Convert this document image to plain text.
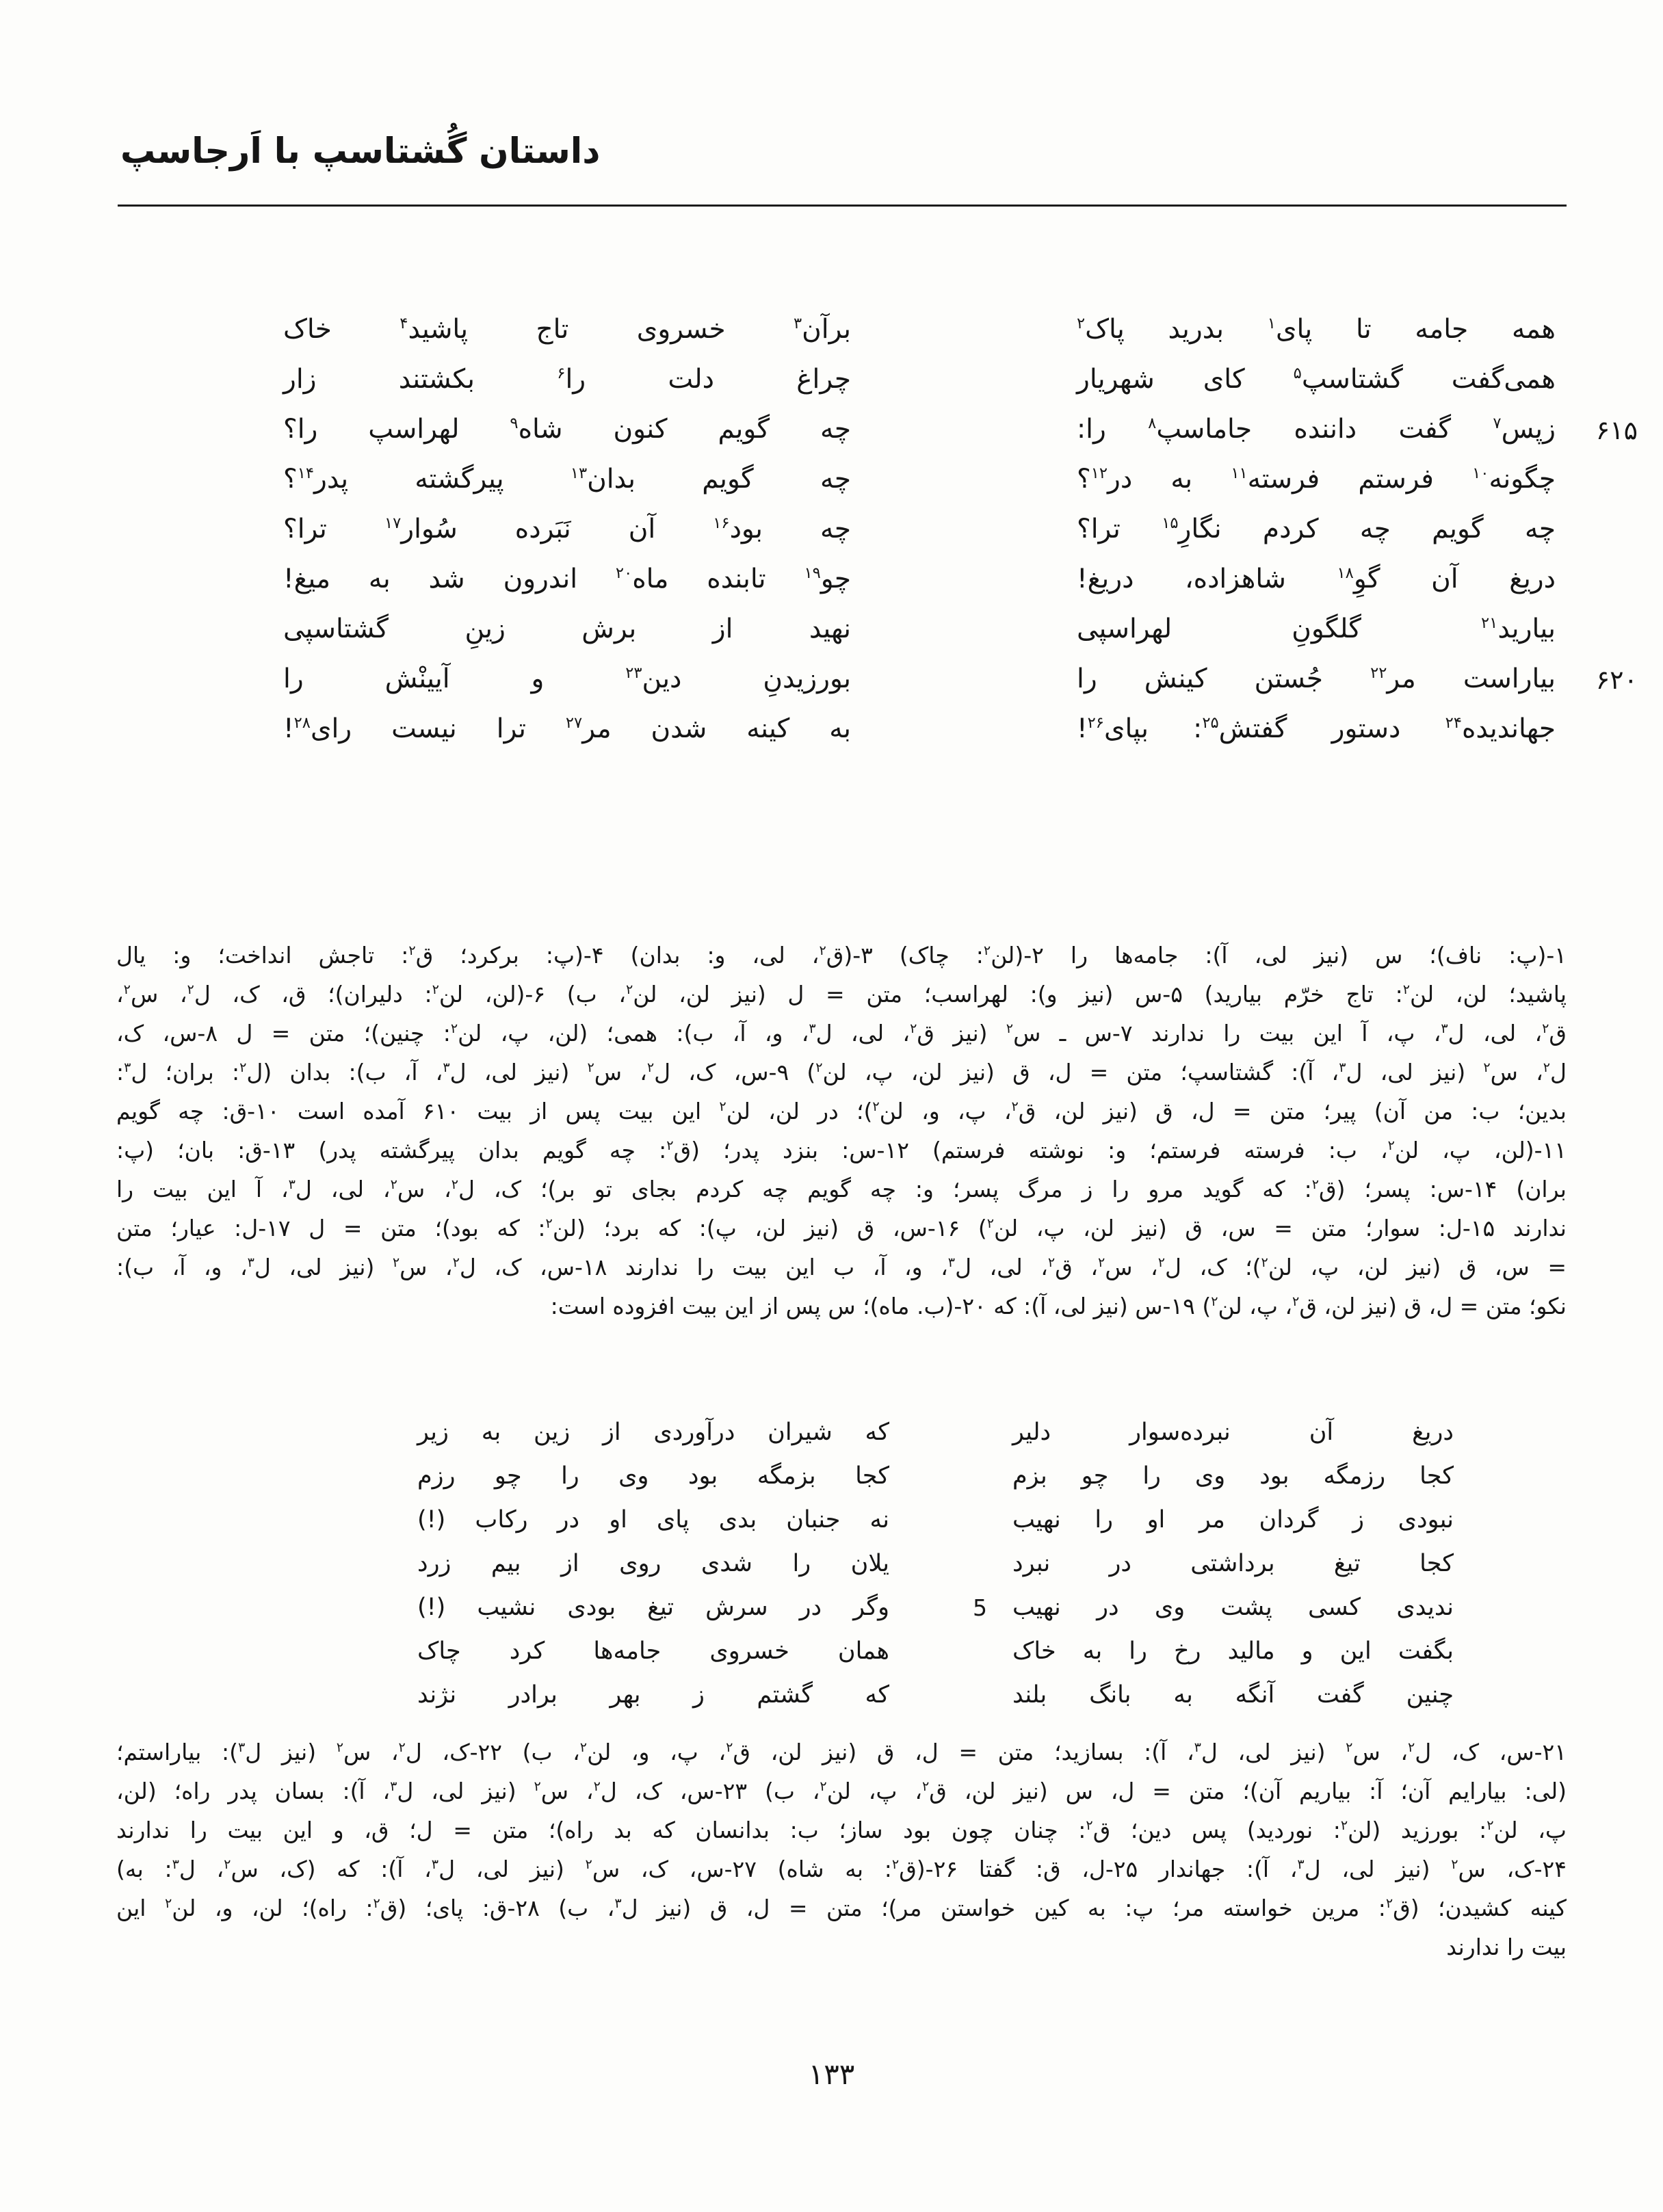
داستان گُشتاسپ با اَرجاسپ
همه جامه تا پای$^۱$ بدرید پاک$^۲$
برآن$^۳$ خسروی تاج پاشید$^۴$ خاک
همی‌گفت گشتاسپ$^۵$ کای شهریار
چراغ دلت را$^۶$ بکشتند زار
۶۱۵
زپس$^۷$ گفت داننده جاماسپ$^۸$ را:
چه گویم کنون شاه$^۹$ لهراسپ را؟
چگونه$^{۱۰}$ فرستم فرسته$^{۱۱}$ به در$^{۱۲}$؟
چه گویم بدان$^{۱۳}$ پیرگشته پدر$^{۱۴}$؟
چه گویم چه کردم نگارِ$^{۱۵}$ ترا؟
چه بود$^{۱۶}$ آن نَبَرده سُوار$^{۱۷}$ ترا؟
دریغ آن گوِ$^{۱۸}$ شاهزاده، دریغ!
چو$^{۱۹}$ تابنده ماه$^{۲۰}$ اندرون شد به میغ!
بیارید$^{۲۱}$ گلگونِ لهراسپی
نهید از برش زینِ گشتاسپی
۶۲۰
بیاراست مر$^{۲۲}$ جُستن کینش را
بورزیدنِ دین$^{۲۳}$ و آیینْش را
جهاندیده$^{۲۴}$ دستور گفتش$^{۲۵}$: بپای$^{۲۶}$!
به کینه شدن مر$^{۲۷}$ ترا نیست رای$^{۲۸}$!
۱-(پ: ناف)؛ س (نیز لی، آ): جامه‌ها را ۲-(لن$^۲$: چاک) ۳-(ق$^۲$، لی، و: بدان) ۴-(پ: برکرد؛ ق$^۲$: تاجش انداخت؛ و: یال
پاشید؛ لن، لن$^۲$: تاج خرّم بیارید) ۵-س (نیز و): لهراسب؛ متن = ل (نیز لن، لن$^۲$، ب) ۶-(لن، لن$^۲$: دلیران)؛ ق، ک، ل$^۲$، س$^۲$،
ق$^۲$، لی، ل$^۳$، پ، آ این بیت را ندارند ۷-س ـ س$^۲$ (نیز ق$^۲$، لی، ل$^۳$، و، آ، ب): همی؛ (لن، پ، لن$^۲$: چنین)؛ متن = ل ۸-س، ک،
ل$^۲$، س$^۲$ (نیز لی، ل$^۳$، آ): گشتاسپ؛ متن = ل، ق (نیز لن، پ، لن$^۲$) ۹-س، ک، ل$^۲$، س$^۲$ (نیز لی، ل$^۳$، آ، ب): بدان (ل$^۲$: بران؛ ل$^۳$:
بدین؛ ب: من آن) پیر؛ متن = ل، ق (نیز لن، ق$^۲$، پ، و، لن$^۲$)؛ در لن، لن$^۲$ این بیت پس از بیت ۶۱۰ آمده است ۱۰-ق: چه گویم
۱۱-(لن، پ، لن$^۲$، ب: فرسته فرستم؛ و: نوشته فرستم) ۱۲-س: بنزد پدر؛ (ق$^۲$: چه گویم بدان پیرگشته پدر) ۱۳-ق: بان؛ (پ:
بران) ۱۴-س: پسر؛ (ق$^۲$: که گوید مرو را ز مرگ پسر؛ و: چه گویم چه کردم بجای تو بر)؛ ک، ل$^۲$، س$^۲$، لی، ل$^۳$، آ این بیت را
ندارند ۱۵-ل: سوار؛ متن = س، ق (نیز لن، پ، لن$^۲$) ۱۶-س، ق (نیز لن، پ): که برد؛ (لن$^۲$: که بود)؛ متن = ل ۱۷-ل: عیار؛ متن
= س، ق (نیز لن، پ، لن$^۲$)؛ ک، ل$^۲$، س$^۲$، ق$^۲$، لی، ل$^۳$، و، آ، ب این بیت را ندارند ۱۸-س، ک، ل$^۲$، س$^۲$ (نیز لی، ل$^۳$، و، آ، ب):
نکو؛ متن = ل، ق (نیز لن، ق$^۲$، پ، لن$^۲$) ۱۹-س (نیز لی، آ): که ۲۰-(ب. ماه)؛ س پس از این بیت افزوده است:
دریغ آن نبرده‌سوار دلیر
که شیران درآوردی از زین به زیر
کجا رزمگه بود وی را چو بزم
کجا بزمگه بود وی را چو رزم
نبودی ز گردان مر او را نهیب
نه جنبان بدی پای او در رکاب (!)
کجا تیغ برداشتی در نبرد
یلان را شدی روی از بیم زرد
ندیدی کسی پشت وی در نهیب
5
وگر در سرش تیغ بودی نشیب (!)
بگفت این و مالید رخ را به خاک
همان خسروی جامه‌ها کرد چاک
چنین گفت آنگه به بانگ بلند
که گشتم ز بهر برادر نژند
۲۱-س، ک، ل$^۲$، س$^۲$ (نیز لی، ل$^۳$، آ): بسازید؛ متن = ل، ق (نیز لن، ق$^۲$، پ، و، لن$^۲$، ب) ۲۲-ک، ل$^۲$، س$^۲$ (نیز ل$^۳$): بیاراستم؛
(لی: بیارایم آن؛ آ: بیاریم آن)؛ متن = ل، س (نیز لن، ق$^۲$، پ، لن$^۲$، ب) ۲۳-س، ک، ل$^۲$، س$^۲$ (نیز لی، ل$^۳$، آ): بسان پدر راه؛ (لن،
پ، لن$^۲$: بورزید (لن$^۲$: نوردید) پس دین؛ ق$^۲$: چنان چون بود ساز؛ ب: بدانسان که بد راه)؛ متن = ل؛ ق، و این بیت را ندارند
۲۴-ک، س$^۲$ (نیز لی، ل$^۳$، آ): جهاندار ۲۵-ل، ق: گفتا ۲۶-(ق$^۲$: به شاه) ۲۷-س، ک، س$^۲$ (نیز لی، ل$^۳$، آ): که (ک، س$^۲$، ل$^۳$: به)
کینه کشیدن؛ (ق$^۲$: مرین خواسته مر؛ پ: به کین خواستن مر)؛ متن = ل، ق (نیز ل$^۳$، ب) ۲۸-ق: پای؛ (ق$^۲$: راه)؛ لن، و، لن$^۲$ این
بیت را ندارند
۱۳۳
